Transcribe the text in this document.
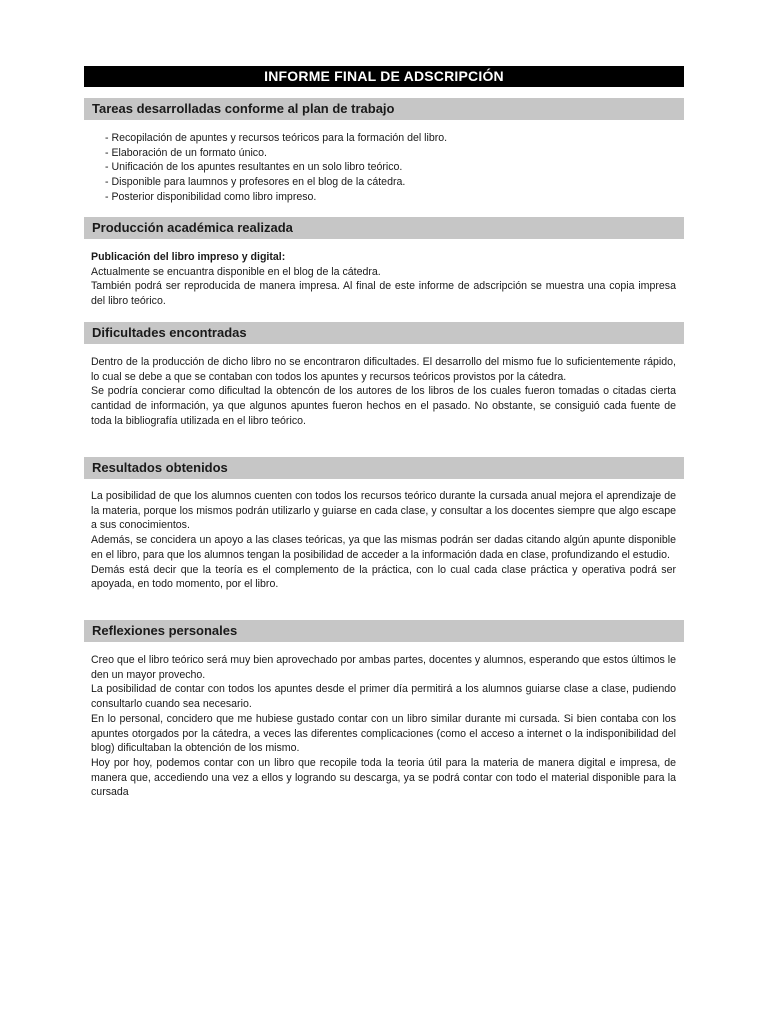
INFORME FINAL DE ADSCRIPCIÓN
Tareas desarrolladas conforme al plan de trabajo
- Recopilación de apuntes y recursos teóricos para la formación del libro.
- Elaboración de un formato único.
- Unificación de los apuntes resultantes en un solo libro teórico.
- Disponible para laumnos y profesores en el blog de la cátedra.
- Posterior disponibilidad como libro impreso.
Producción académica realizada

Publicación del libro impreso y digital:

Actualmente se encuantra disponible en el blog de la cátedra.

También podrá ser reproducida de manera impresa. Al final de este informe de adscripción se muestra una copia impresa del libro teórico.

Dificultades encontradas

Dentro de la producción de dicho libro no se encontraron dificultades. El desarrollo del mismo fue lo suficientemente rápido, lo cual se debe a que se contaban con todos los apuntes y recursos teóricos provistos por la cátedra.

Se podría concierar como dificultad la obtencón de los autores de los libros de los cuales fueron tomadas o citadas cierta cantidad de información, ya que algunos apuntes fueron hechos en el pasado. No obstante, se consiguió cada fuente de toda la bibliografía utilizada en el libro teórico.

Resultados obtenidos

La posibilidad de que los alumnos cuenten con todos los recursos teórico durante la cursada anual mejora el aprendizaje de la materia, porque los mismos podrán utilizarlo y guiarse en cada clase, y consultar a los docentes siempre que algo escape a sus conocimientos.

Además, se concidera un apoyo a las clases teóricas, ya que las mismas podrán ser dadas citando algún apunte disponible en el libro, para que los alumnos tengan la posibilidad de acceder a la información dada en clase, profundizando el estudio.

Demás está decir que la teoría es el complemento de la práctica, con lo cual cada clase práctica y operativa podrá ser apoyada, en todo momento, por el libro.

Reflexiones personales

Creo que el libro teórico será muy bien aprovechado por ambas partes, docentes y alumnos, esperando que estos últimos le den un mayor provecho.

La posibilidad de contar con todos los apuntes desde el primer día permitirá a los alumnos guiarse clase a clase, pudiendo consultarlo cuando sea necesario.

En lo personal, concidero que me hubiese gustado contar con un libro similar durante mi cursada. Si bien contaba con los apuntes otorgados por la cátedra, a veces las diferentes complicaciones (como el acceso a internet o la indisponibilidad del blog) dificultaban la obtención de los mismo.

Hoy por hoy, podemos contar con un libro que recopile toda la teoria útil para la materia de manera digital e impresa, de manera que, accediendo una vez a ellos y logrando su descarga, ya se podrá contar con todo el material disponible para la cursada
